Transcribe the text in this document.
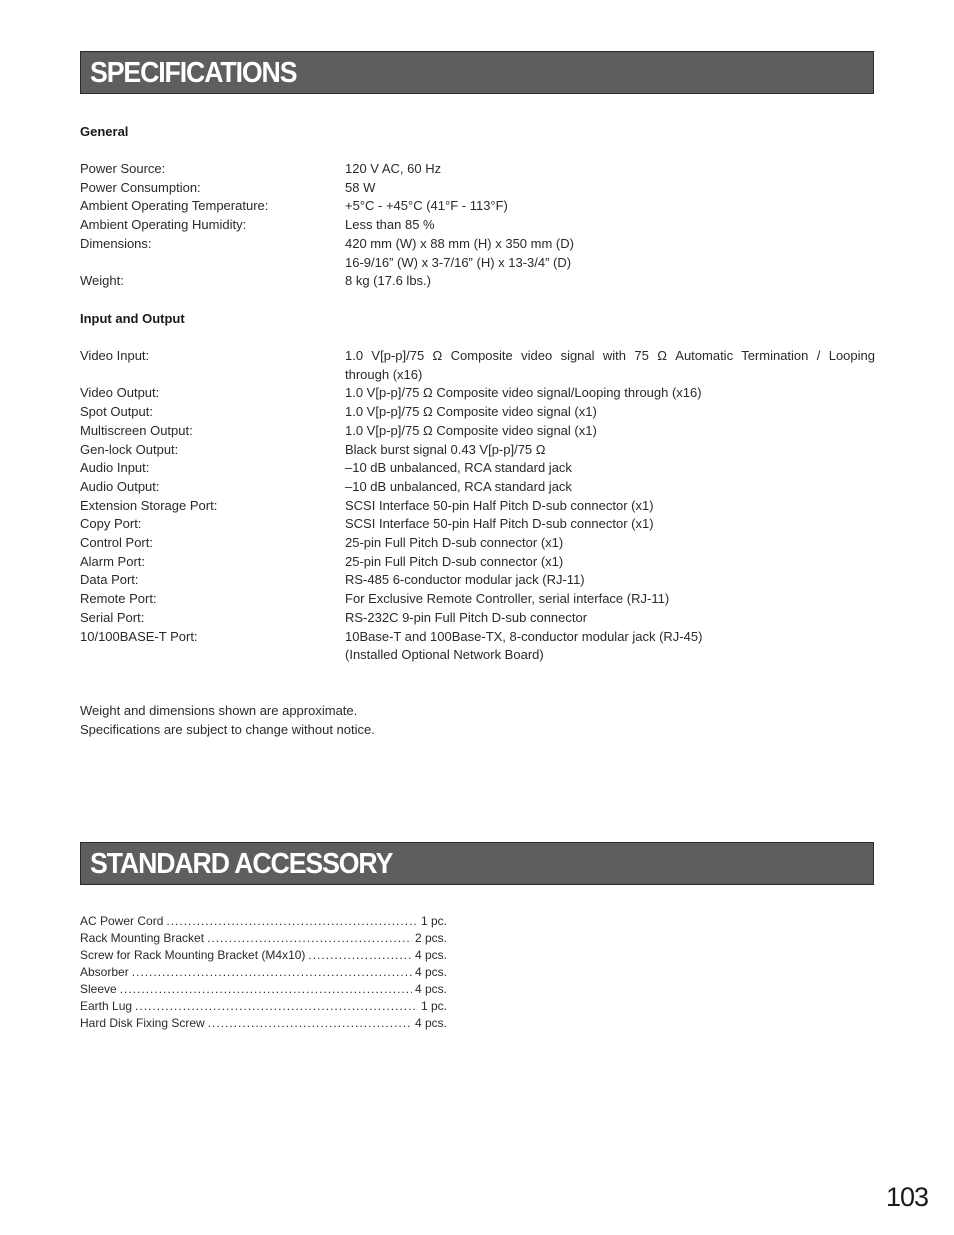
SPECIFICATIONS
General
Power Source:	120 V AC, 60 Hz
Power Consumption:	58 W
Ambient Operating Temperature:	+5°C - +45°C (41°F - 113°F)
Ambient Operating Humidity:	Less than 85 %
Dimensions:	420 mm (W) x 88 mm (H) x 350 mm (D)
16-9/16” (W) x 3-7/16” (H) x 13-3/4” (D)
Weight:	8 kg (17.6 lbs.)
Input and Output
Video Input:	1.0 V[p-p]/75 Ω Composite video signal with 75 Ω Automatic Termination / Looping
through (x16)
Video Output:	1.0 V[p-p]/75 Ω Composite video signal/Looping through (x16)
Spot Output:	1.0 V[p-p]/75 Ω Composite video signal (x1)
Multiscreen Output:	1.0 V[p-p]/75 Ω Composite video signal (x1)
Gen-lock Output:	Black burst signal 0.43 V[p-p]/75 Ω
Audio Input:	–10 dB unbalanced, RCA standard jack
Audio Output:	–10 dB unbalanced, RCA standard jack
Extension Storage Port:	SCSI Interface 50-pin Half Pitch D-sub connector (x1)
Copy Port:	SCSI Interface 50-pin Half Pitch D-sub connector (x1)
Control Port:	25-pin Full Pitch D-sub connector (x1)
Alarm Port:	25-pin Full Pitch D-sub connector (x1)
Data Port:	RS-485 6-conductor modular jack (RJ-11)
Remote Port:	For Exclusive Remote Controller, serial interface (RJ-11)
Serial Port:	RS-232C 9-pin Full Pitch D-sub connector
10/100BASE-T Port:	10Base-T and 100Base-TX, 8-conductor modular jack (RJ-45)
(Installed Optional Network Board)
Weight and dimensions shown are approximate.
Specifications are subject to change without notice.
STANDARD ACCESSORY
AC Power Cord .....	1 pc.
Rack Mounting Bracket .....	2 pcs.
Screw for Rack Mounting Bracket (M4x10) .....	4 pcs.
Absorber .....	4 pcs.
Sleeve .....	4 pcs.
Earth Lug .....	1 pc.
Hard Disk Fixing Screw .....	4 pcs.
103
